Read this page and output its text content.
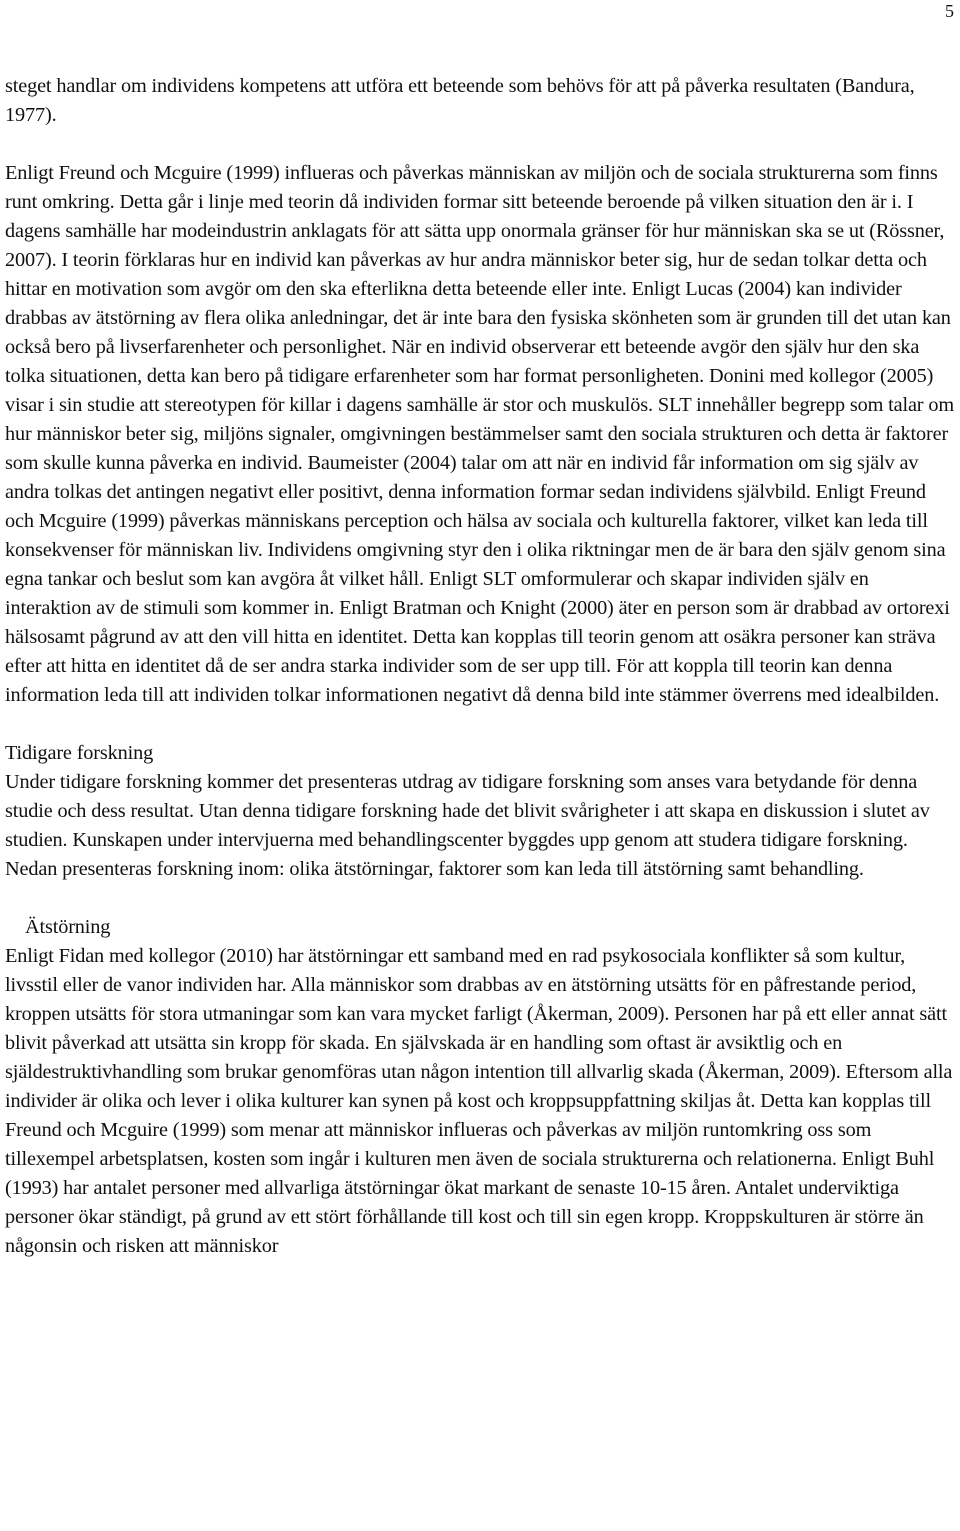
5

steget handlar om individens kompetens att utföra ett beteende som behövs för att på påverka resultaten (Bandura, 1977).

Enligt Freund och Mcguire (1999) influeras och påverkas människan av miljön och de sociala strukturerna som finns runt omkring. Detta går i linje med teorin då individen formar sitt beteende beroende på vilken situation den är i. I dagens samhälle har modeindustrin anklagats för att sätta upp onormala gränser för hur människan ska se ut (Rössner, 2007). I teorin förklaras hur en individ kan påverkas av hur andra människor beter sig, hur de sedan tolkar detta och hittar en motivation som avgör om den ska efterlikna detta beteende eller inte. Enligt Lucas (2004) kan individer drabbas av ätstörning av flera olika anledningar, det är inte bara den fysiska skönheten som är grunden till det utan kan också bero på livserfarenheter och personlighet. När en individ observerar ett beteende avgör den själv hur den ska tolka situationen, detta kan bero på tidigare erfarenheter som har format personligheten. Donini med kollegor (2005) visar i sin studie att stereotypen för killar i dagens samhälle är stor och muskulös. SLT innehåller begrepp som talar om hur människor beter sig, miljöns signaler, omgivningen bestämmelser samt den sociala strukturen och detta är faktorer som skulle kunna påverka en individ. Baumeister (2004) talar om att när en individ får information om sig själv av andra tolkas det antingen negativt eller positivt, denna information formar sedan individens självbild. Enligt Freund och Mcguire (1999) påverkas människans perception och hälsa av sociala och kulturella faktorer, vilket kan leda till konsekvenser för människan liv. Individens omgivning styr den i olika riktningar men de är bara den själv genom sina egna tankar och beslut som kan avgöra åt vilket håll. Enligt SLT omformulerar och skapar individen själv en interaktion av de stimuli som kommer in. Enligt Bratman och Knight (2000) äter en person som är drabbad av ortorexi hälsosamt pågrund av att den vill hitta en identitet. Detta kan kopplas till teorin genom att osäkra personer kan sträva efter att hitta en identitet då de ser andra starka individer som de ser upp till. För att koppla till teorin kan denna information leda till att individen tolkar informationen negativt då denna bild inte stämmer överrens med idealbilden.

Tidigare forskning

Under tidigare forskning kommer det presenteras utdrag av tidigare forskning som anses vara betydande för denna studie och dess resultat. Utan denna tidigare forskning hade det blivit svårigheter i att skapa en diskussion i slutet av studien. Kunskapen under intervjuerna med behandlingscenter byggdes upp genom att studera tidigare forskning. Nedan presenteras forskning inom: olika ätstörningar, faktorer som kan leda till ätstörning samt behandling.

Ätstörning

Enligt Fidan med kollegor (2010) har ätstörningar ett samband med en rad psykosociala konflikter så som kultur, livsstil eller de vanor individen har. Alla människor som drabbas av en ätstörning utsätts för en påfrestande period, kroppen utsätts för stora utmaningar som kan vara mycket farligt (Åkerman, 2009). Personen har på ett eller annat sätt blivit påverkad att utsätta sin kropp för skada. En självskada är en handling som oftast är avsiktlig och en själdestruktivhandling som brukar genomföras utan någon intention till allvarlig skada (Åkerman, 2009). Eftersom alla individer är olika och lever i olika kulturer kan synen på kost och kroppsuppfattning skiljas åt. Detta kan kopplas till Freund och Mcguire (1999) som menar att människor influeras och påverkas av miljön runtomkring oss som tillexempel arbetsplatsen, kosten som ingår i kulturen men även de sociala strukturerna och relationerna. Enligt Buhl (1993) har antalet personer med allvarliga ätstörningar ökat markant de senaste 10-15 åren. Antalet underviktiga personer ökar ständigt, på grund av ett stört förhållande till kost och till sin egen kropp. Kroppskulturen är större än någonsin och risken att människor
